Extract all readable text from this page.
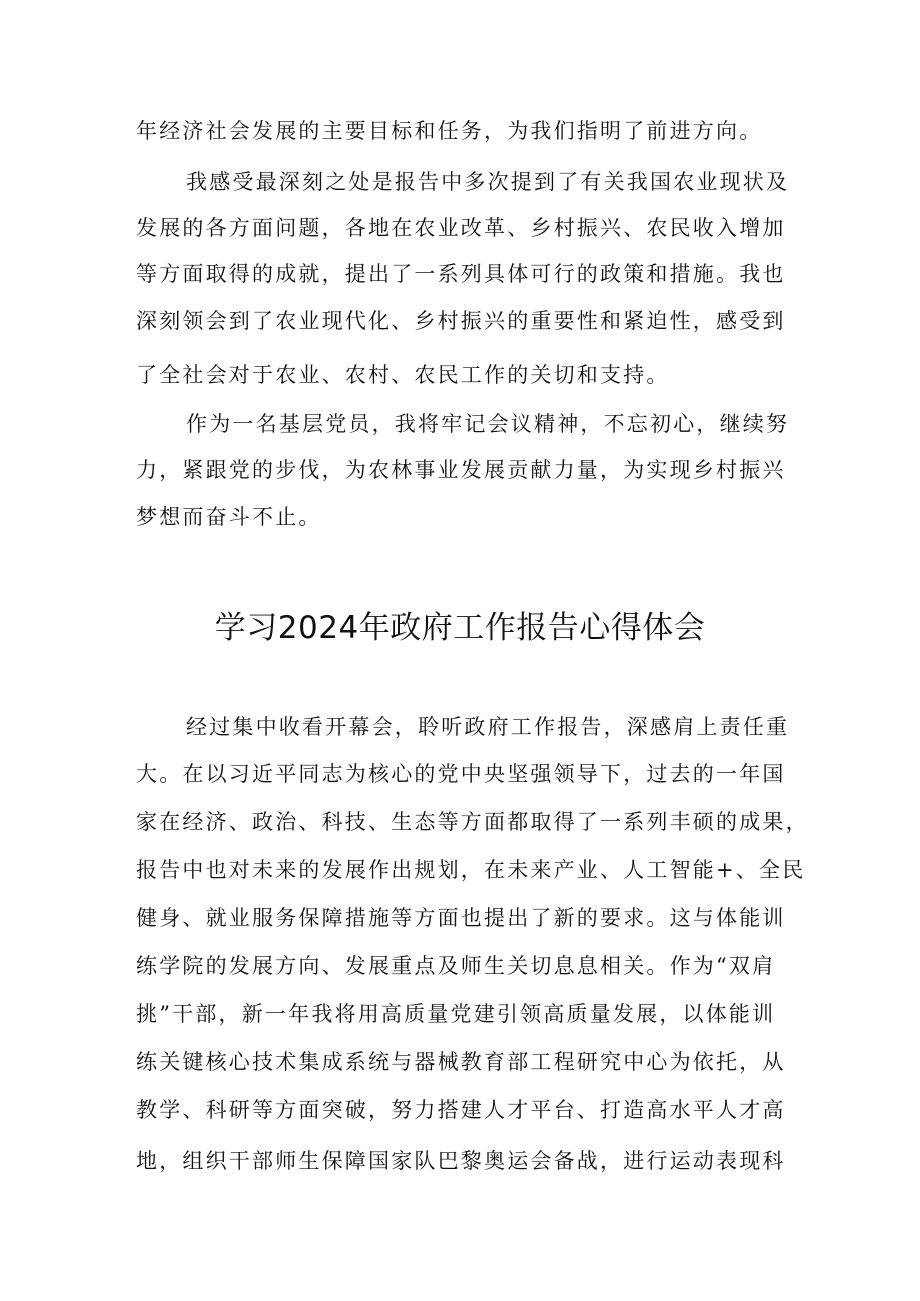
年经济社会发展的主要目标和任务，为我们指明了前进方向。
我感受最深刻之处是报告中多次提到了有关我国农业现状及
发展的各方面问题，各地在农业改革、乡村振兴、农民收入增加
等方面取得的成就，提出了一系列具体可行的政策和措施。我也
深刻领会到了农业现代化、乡村振兴的重要性和紧迫性，感受到
了全社会对于农业、农村、农民工作的关切和支持。
作为一名基层党员，我将牢记会议精神，不忘初心，继续努
力，紧跟党的步伐，为农林事业发展贡献力量，为实现乡村振兴
梦想而奋斗不止。
学习2024年政府工作报告心得体会
经过集中收看开幕会，聆听政府工作报告，深感肩上责任重
大。在以习近平同志为核心的党中央坚强领导下，过去的一年国
家在经济、政治、科技、生态等方面都取得了一系列丰硕的成果，
报告中也对未来的发展作出规划，在未来产业、人工智能+、全民
健身、就业服务保障措施等方面也提出了新的要求。这与体能训
练学院的发展方向、发展重点及师生关切息息相关。作为“双肩
挑”干部，新一年我将用高质量党建引领高质量发展，以体能训
练关键核心技术集成系统与器械教育部工程研究中心为依托，从
教学、科研等方面突破，努力搭建人才平台、打造高水平人才高
地，组织干部师生保障国家队巴黎奥运会备战，进行运动表现科
